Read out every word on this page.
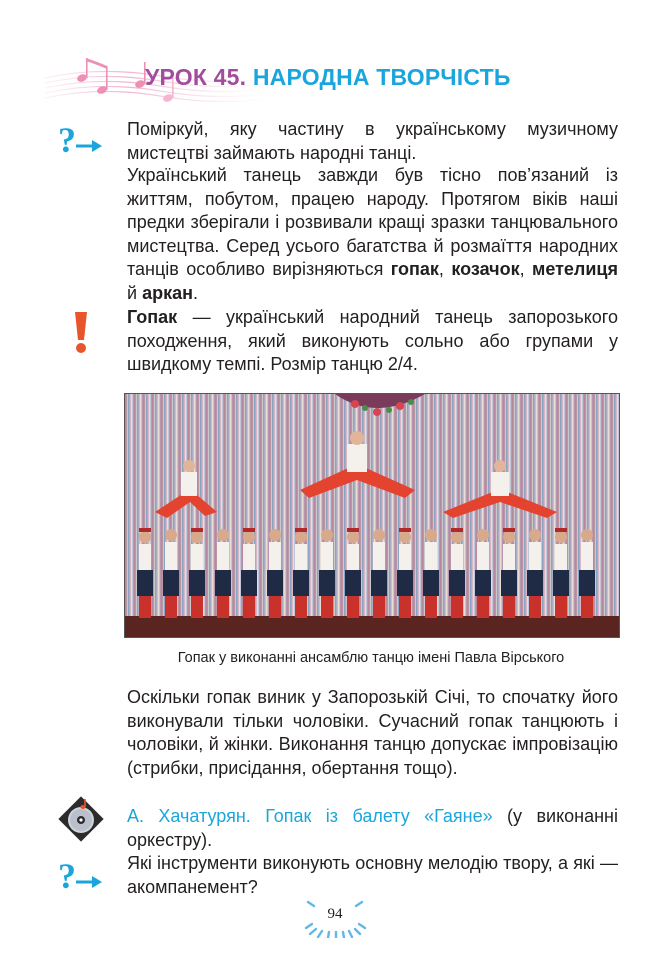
УРОК 45. НАРОДНА ТВОРЧІСТЬ
?	Поміркуй, яку частину в українському музичному мистецтві займають народні танці.

Український танець завжди був тісно пов’язаний із життям, побутом, працею народу. Протягом віків наші предки зберігали і розвивали кращі зразки танцювального мистецтва. Серед усього багатства й розмаїття народних танців особливо вирізняються гопак, козачок, метелиця й аркан.

Гопак — український народний танець запорозького походження, який виконують сольно або групами у швидкому темпі. Розмір танцю 2/4.

Гопак у виконанні ансамблю танцю імені Павла Вірського

Оскільки гопак виник у Запорозькій Січі, то спочатку його виконували тільки чоловіки. Сучасний гопак танцюють і чоловіки, й жінки. Виконання танцю допускає імпровізацію (стрибки, присідання, обертання тощо).

А. Хачатурян. Гопак із балету «Гаяне» (у виконанні оркестру).

?	Які інструменти виконують основну мелодію твору, а які — акомпанемент?

94
